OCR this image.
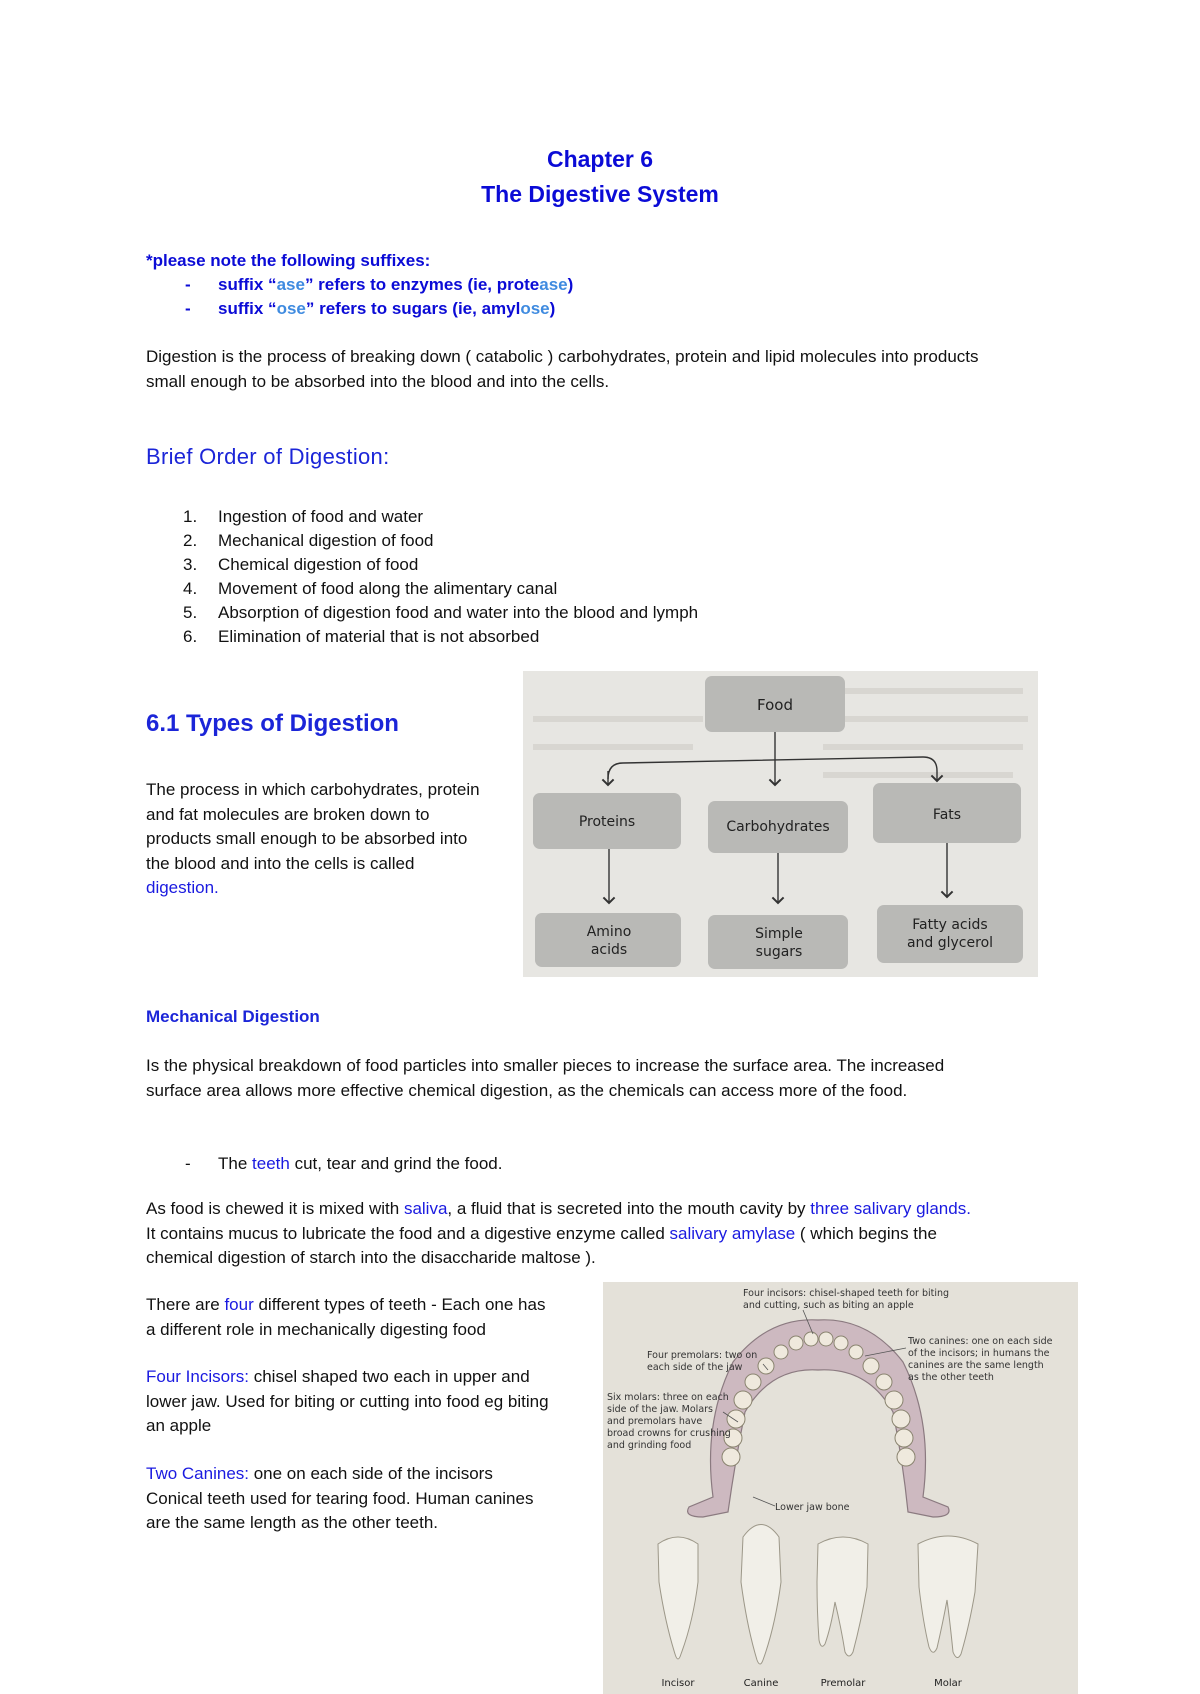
Chapter 6
The Digestive System
*please note the following suffixes:
- suffix “ase” refers to enzymes (ie, protease)
- suffix “ose” refers to sugars (ie, amylose)
Digestion is the process of breaking down ( catabolic ) carbohydrates, protein and lipid molecules into products
small enough to be absorbed into the blood and into the cells.
Brief Order of Digestion:
1. Ingestion of food and water
2. Mechanical digestion of food
3. Chemical digestion of food
4. Movement of food along the alimentary canal
5. Absorption of digestion food and water into the blood and lymph
6. Elimination of material that is not absorbed
6.1 Types of Digestion
The process in which carbohydrates, protein
and fat molecules are broken down to
products small enough to be absorbed into
the blood and into the cells is called
digestion.
Food
Proteins	Carbohydrates
Fats
Amino
acids
Simple
sugars
Fatty acids
and glycerol
Mechanical Digestion
Is the physical breakdown of food particles into smaller pieces to increase the surface area. The increased
surface area allows more effective chemical digestion, as the chemicals can access more of the food.
- The teeth cut, tear and grind the food.
As food is chewed it is mixed with saliva, a fluid that is secreted into the mouth cavity by three salivary glands.
It contains mucus to lubricate the food and a digestive enzyme called salivary amylase ( which begins the
chemical digestion of starch into the disaccharide maltose ).
There are four different types of teeth - Each one has
a different role in mechanically digesting food
Four Incisors: chisel shaped two each in upper and
lower jaw. Used for biting or cutting into food eg biting
an apple
Two Canines: one on each side of the incisors
Conical teeth used for tearing food. Human canines
are the same length as the other teeth.
Four incisors: chisel-shaped teeth for biting
and cutting, such as biting an apple
Two canines: one on each side
of the incisors; in humans the
canines are the same length
as the other teeth
Four premolars: two on
each side of the jaw
Six molars: three on each
side of the jaw. Molars
and premolars have
broad crowns for crushing
and grinding food
Lower jaw bone
Incisor	Canine	Premolar	Molar
